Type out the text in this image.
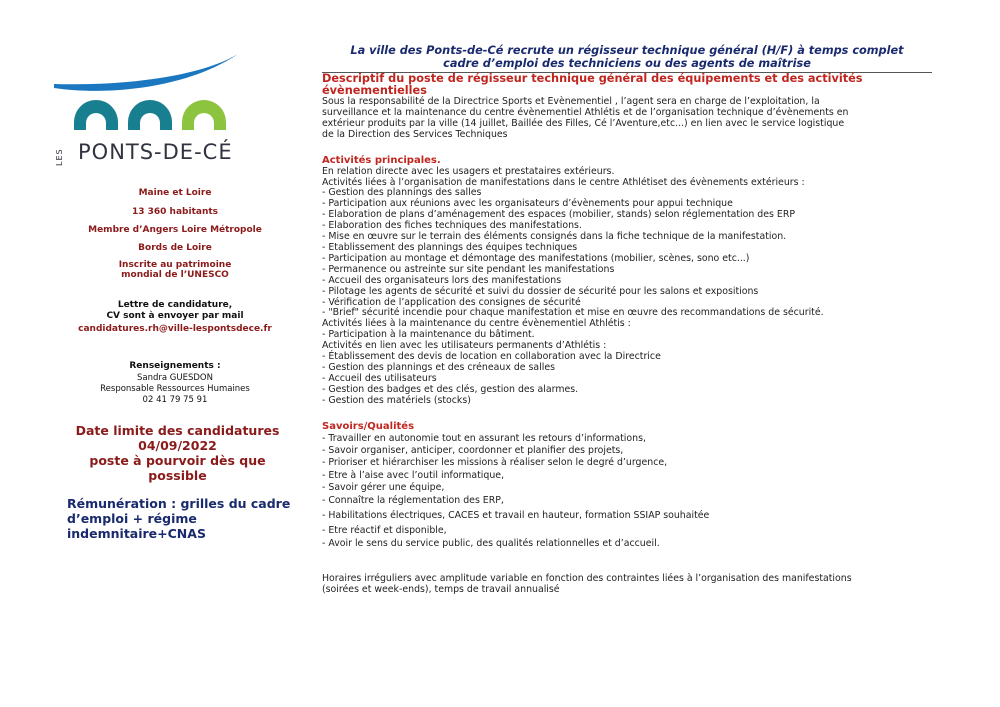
LES PONTS-DE-CÉ
Maine et Loire
13 360 habitants
Membre d’Angers Loire Métropole
Bords de Loire
Inscrite au patrimoine
mondial de l’UNESCO
Lettre de candidature,
CV sont à envoyer par mail
candidatures.rh@ville-lespontsdece.fr
Renseignements :
Sandra GUESDON
Responsable Ressources Humaines
02 41 79 75 91
Date limite des candidatures
04/09/2022
poste à pourvoir dès que
possible
Rémunération : grilles du cadre
d’emploi + régime
indemnitaire+CNAS
La ville des Ponts-de-Cé recrute un régisseur technique général (H/F) à temps complet
cadre d’emploi des techniciens ou des agents de maîtrise
Descriptif du poste de régisseur technique général des équipements et des activités
évènementielles

Sous la responsabilité de la Directrice Sports et Evènementiel , l’agent sera en charge de l’exploitation, la

surveillance et la maintenance du centre évènementiel Athlétis et de l’organisation technique d’évènements en

extérieur produits par la ville (14 juillet, Baillée des Filles, Cé l’Aventure,etc...) en lien avec le service logistique

de la Direction des Services Techniques

Activités principales.
En relation directe avec les usagers et prestataires extérieurs.
Activités liées à l’organisation de manifestations dans le centre Athlétiset des évènements extérieurs :
- Gestion des plannings des salles
- Participation aux réunions avec les organisateurs d’évènements pour appui technique
- Elaboration de plans d’aménagement des espaces (mobilier, stands) selon réglementation des ERP
- Elaboration des fiches techniques des manifestations.
- Mise en œuvre sur le terrain des éléments consignés dans la fiche technique de la manifestation.
- Etablissement des plannings des équipes techniques
- Participation au montage et démontage des manifestations (mobilier, scènes, sono etc...)
- Permanence ou astreinte sur site pendant les manifestations
- Accueil des organisateurs lors des manifestations
- Pilotage les agents de sécurité et suivi du dossier de sécurité pour les salons et expositions
- Vérification de l’application des consignes de sécurité
- "Brief" sécurité incendie pour chaque manifestation et mise en œuvre des recommandations de sécurité.
Activités liées à la maintenance du centre évènementiel Athlétis :
- Participation à la maintenance du bâtiment.
Activités en lien avec les utilisateurs permanents d’Athlétis :
- Établissement des devis de location en collaboration avec la Directrice
- Gestion des plannings et des créneaux de salles
- Accueil des utilisateurs
- Gestion des badges et des clés, gestion des alarmes.
- Gestion des matériels (stocks)
Savoirs/Qualités
- Travailler en autonomie tout en assurant les retours d’informations,
- Savoir organiser, anticiper, coordonner et planifier des projets,
- Prioriser et hiérarchiser les missions à réaliser selon le degré d’urgence,
- Etre à l’aise avec l’outil informatique,
- Savoir gérer une équipe,
- Connaître la réglementation des ERP,
- Habilitations électriques, CACES et travail en hauteur, formation SSIAP souhaitée
- Etre réactif et disponible,
- Avoir le sens du service public, des qualités relationnelles et d’accueil.

Horaires irréguliers avec amplitude variable en fonction des contraintes liées à l’organisation des manifestations

(soirées et week-ends), temps de travail annualisé
